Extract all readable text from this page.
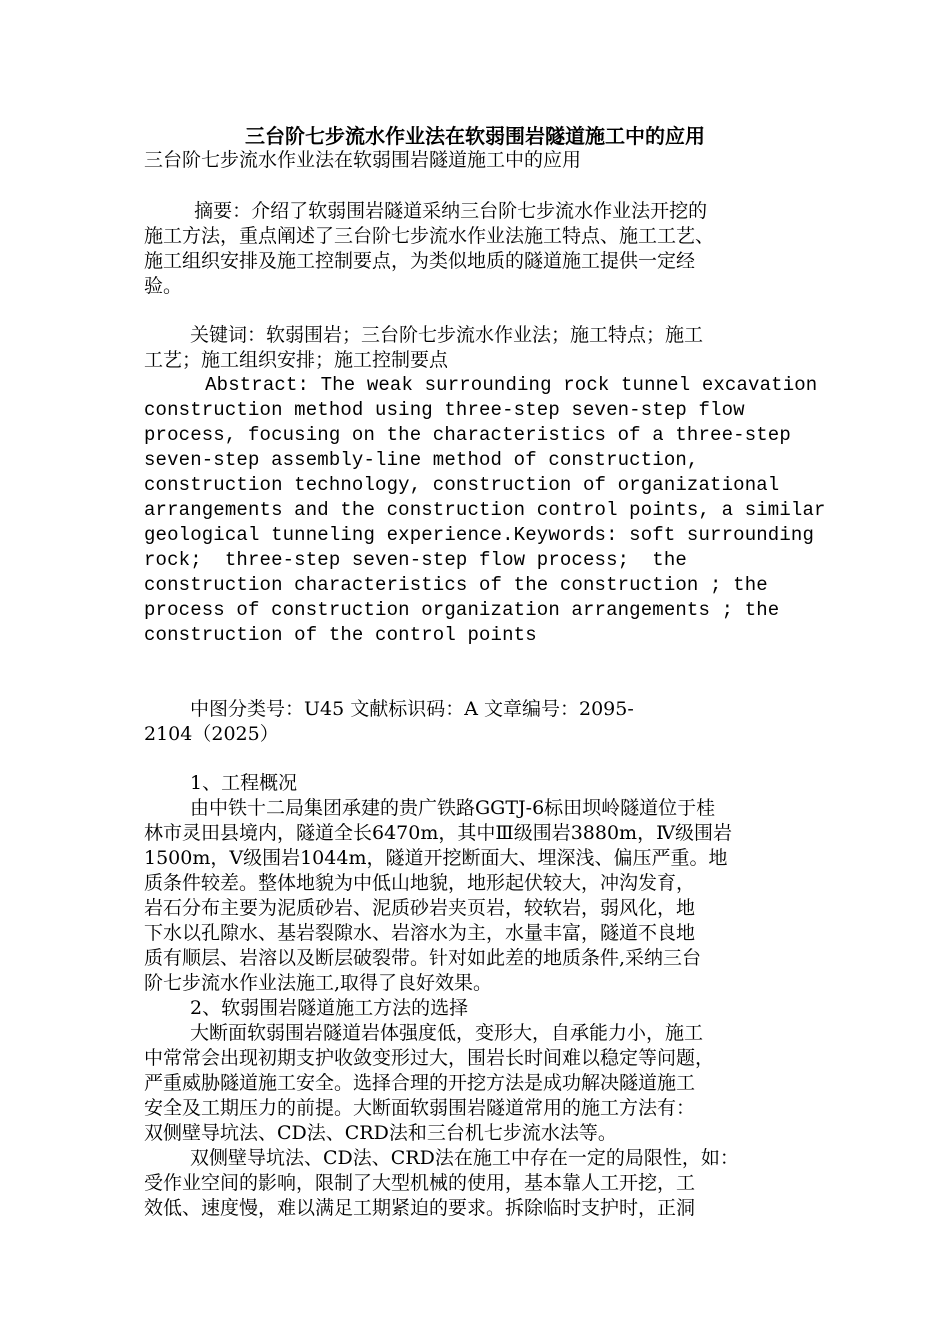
三台阶七步流水作业法在软弱围岩隧道施工中的应用
三台阶七步流水作业法在软弱围岩隧道施工中的应用
摘要：介绍了软弱围岩隧道采纳三台阶七步流水作业法开挖的
施工方法，重点阐述了三台阶七步流水作业法施工特点、施工工艺、
施工组织安排及施工控制要点，为类似地质的隧道施工提供一定经
验。
关键词：软弱围岩；三台阶七步流水作业法；施工特点；施工
工艺；施工组织安排；施工控制要点
Abstract: The weak surrounding rock tunnel excavation
construction method using three-step seven-step flow
process, focusing on the characteristics of a three-step
seven-step assembly-line method of construction,
construction technology, construction of organizational
arrangements and the construction control points, a similar
geological tunneling experience.Keywords: soft surrounding
rock;  three-step seven-step flow process;  the
construction characteristics of the construction ; the
process of construction organization arrangements ; the
construction of the control points
中图分类号：U45 文献标识码：A 文章编号：2095-
2104（2025）
1、工程概况
由中铁十二局集团承建的贵广铁路GGTJ-6标田坝岭隧道位于桂
林市灵田县境内，隧道全长6470m，其中Ⅲ级围岩3880m，Ⅳ级围岩
1500m，Ⅴ级围岩1044m，隧道开挖断面大、埋深浅、偏压严重。地
质条件较差。整体地貌为中低山地貌，地形起伏较大，冲沟发育，
岩石分布主要为泥质砂岩、泥质砂岩夹页岩，较软岩，弱风化，地
下水以孔隙水、基岩裂隙水、岩溶水为主，水量丰富，隧道不良地
质有顺层、岩溶以及断层破裂带。针对如此差的地质条件,采纳三台
阶七步流水作业法施工,取得了良好效果。
2、软弱围岩隧道施工方法的选择
大断面软弱围岩隧道岩体强度低，变形大，自承能力小，施工
中常常会出现初期支护收敛变形过大，围岩长时间难以稳定等问题，
严重威胁隧道施工安全。选择合理的开挖方法是成功解决隧道施工
安全及工期压力的前提。大断面软弱围岩隧道常用的施工方法有：
双侧壁导坑法、CD法、CRD法和三台机七步流水法等。
双侧壁导坑法、CD法、CRD法在施工中存在一定的局限性，如：
受作业空间的影响，限制了大型机械的使用，基本靠人工开挖，工
效低、速度慢，难以满足工期紧迫的要求。拆除临时支护时，正洞
